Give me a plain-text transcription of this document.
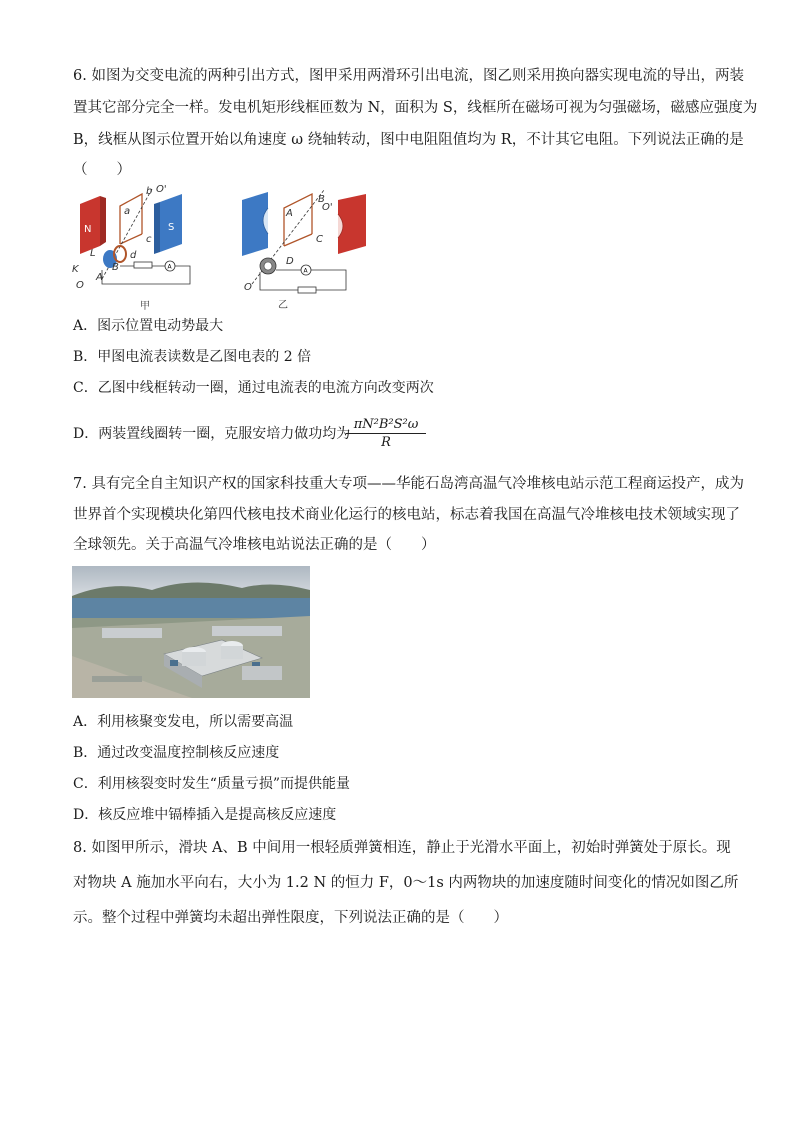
6. 如图为交变电流的两种引出方式，图甲采用两滑环引出电流，图乙则采用换向器实现电流的导出，两装
置其它部分完全一样。发电机矩形线框匝数为 N，面积为 S，线框所在磁场可视为匀强磁场，磁感应强度为
B，线框从图示位置开始以角速度 ω 绕轴转动，图中电阻阻值均为 R，不计其它电阻。下列说法正确的是
（　　）
A
N	S
a
b
c
d
O'
L
K
O
B
A
甲
A
A
B
C
D
O'
O
乙
A．图示位置电动势最大
B．甲图电流表读数是乙图电表的 2 倍
C．乙图中线框转动一圈，通过电流表的电流方向改变两次
D．两装置线圈转一圈，克服安培力做功均为
$\frac{\text{πN²B²S²ω}}{R}$
7. 具有完全自主知识产权的国家科技重大专项——华能石岛湾高温气冷堆核电站示范工程商运投产，成为
世界首个实现模块化第四代核电技术商业化运行的核电站，标志着我国在高温气冷堆核电技术领域实现了
全球领先。关于高温气冷堆核电站说法正确的是（　　）
A．利用核聚变发电，所以需要高温
B．通过改变温度控制核反应速度
C．利用核裂变时发生“质量亏损”而提供能量
D．核反应堆中镉棒插入是提高核反应速度
8. 如图甲所示，滑块 A、B 中间用一根轻质弹簧相连，静止于光滑水平面上，初始时弹簧处于原长。现
对物块 A 施加水平向右，大小为 1.2 N 的恒力 F，0～1s 内两物块的加速度随时间变化的情况如图乙所
示。整个过程中弹簧均未超出弹性限度，下列说法正确的是（　　）
